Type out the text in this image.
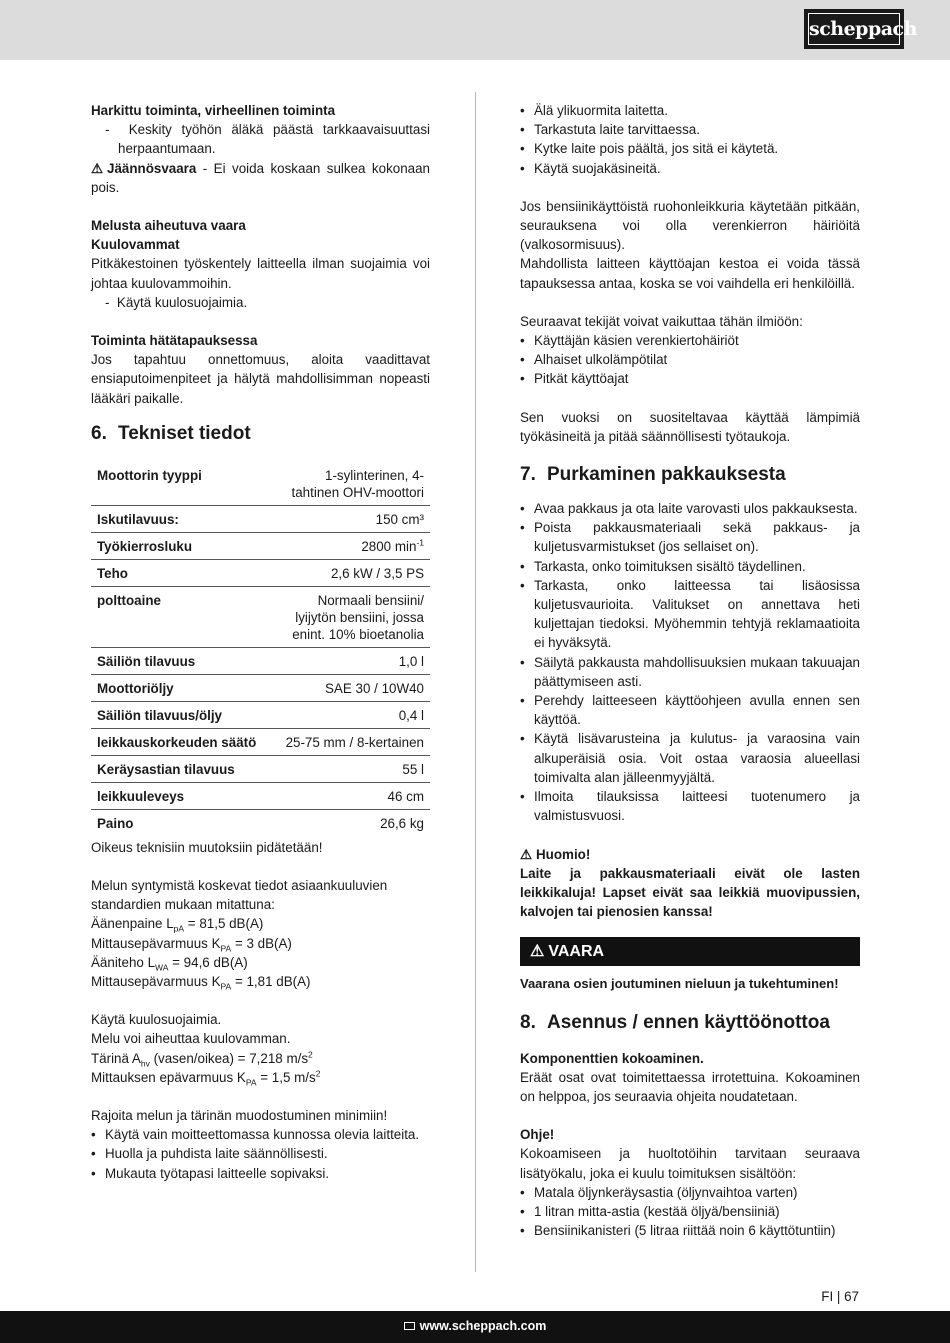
scheppach
Harkittu toiminta, virheellinen toiminta
-  Keskity työhön äläkä päästä tarkkaavaisuuttasi herpaantumaan.
⚠ Jäännösvaara - Ei voida koskaan sulkea kokonaan pois.
Melusta aiheutuva vaara
Kuulovammat
Pitkäkestoinen työskentely laitteella ilman suojaimia voi johtaa kuulovammoihin.
-  Käytä kuulosuojaimia.
Toiminta hätätapauksessa
Jos tapahtuu onnettomuus, aloita vaadittavat ensiaputoimenpiteet ja hälytä mahdollisimman nopeasti lääkäri paikalle.
6. Tekniset tiedot
Moottorin tyyppi	1-sylinterinen, 4-tahtinen OHV-moottori
Iskutilavuus:	150 cm³
Työkierrosluku	2800 $\min^{-1}$
Teho	2,6 kW / 3,5 PS
polttoaine	Normaali bensiini/ lyijytön bensiini, jossa enint. 10% bioetanolia
Säiliön tilavuus	1,0 l
Moottoriöljy	SAE 30 / 10W40
Säiliön tilavuus/öljy	0,4 l
leikkauskorkeuden säätö	25-75 mm / 8-kertainen
Keräysastian tilavuus	55 l
leikkuuleveys	46 cm
Paino	26,6 kg
Oikeus teknisiin muutoksiin pidätetään!
Melun syntymistä koskevat tiedot asiaankuuluvien standardien mukaan mitattuna:
Äänenpaine $L_{pA} = 81,5$ dB(A)
Mittausepävarmuus $K_{PA} = 3$ dB(A)
Ääniteho $L_{WA} = 94,6$ dB(A)
Mittausepävarmuus $K_{PA} = 1,81$ dB(A)
Käytä kuulosuojaimia.
Melu voi aiheuttaa kuulovamman.
Tärinä $A_{hv}$ (vasen/oikea) = 7,218 $m/s^2$
Mittauksen epävarmuus $K_{PA} = 1,5$ $m/s^2$
Rajoita melun ja tärinän muodostuminen minimiin!
• Käytä vain moitteettomassa kunnossa olevia laitteita.
• Huolla ja puhdista laite säännöllisesti.
• Mukauta työtapasi laitteelle sopivaksi.
• Älä ylikuormita laitetta.
• Tarkastuta laite tarvittaessa.
• Kytke laite pois päältä, jos sitä ei käytetä.
• Käytä suojakäsineitä.
Jos bensiinikäyttöistä ruohonleikkuria käytetään pitkään, seurauksena voi olla verenkierron häiriöitä (valkosormisuus).
Mahdollista laitteen käyttöajan kestoa ei voida tässä tapauksessa antaa, koska se voi vaihdella eri henkilöillä.
Seuraavat tekijät voivat vaikuttaa tähän ilmiöön:
• Käyttäjän käsien verenkiertohäiriöt
• Alhaiset ulkolämpötilat
• Pitkät käyttöajat
Sen vuoksi on suositeltavaa käyttää lämpimiä työkäsineitä ja pitää säännöllisesti työtaukoja.
7. Purkaminen pakkauksesta
• Avaa pakkaus ja ota laite varovasti ulos pakkauksesta.
• Poista pakkausmateriaali sekä pakkaus- ja kuljetusvarmistukset (jos sellaiset on).
• Tarkasta, onko toimituksen sisältö täydellinen.
• Tarkasta, onko laitteessa tai lisäosissa kuljetusvaurioita. Valitukset on annettava heti kuljettajan tiedoksi. Myöhemmin tehtyjä reklamaatioita ei hyväksytä.
• Säilytä pakkausta mahdollisuuksien mukaan takuuajan päättymiseen asti.
• Perehdy laitteeseen käyttöohjeen avulla ennen sen käyttöä.
• Käytä lisävarusteina ja kulutus- ja varaosina vain alkuperäisiä osia. Voit ostaa varaosia alueellasi toimivalta alan jälleenmyyjältä.
• Ilmoita tilauksissa laitteesi tuotenumero ja valmistusvuosi.
⚠ Huomio!
Laite ja pakkausmateriaali eivät ole lasten leikkikaluja! Lapset eivät saa leikkiä muovipussien, kalvojen tai pienosien kanssa!
⚠ VAARA
Vaarana osien joutuminen nieluun ja tukehtuminen!
8. Asennus / ennen käyttöönottoa
Komponenttien kokoaminen.
Eräät osat ovat toimitettaessa irrotettuina. Kokoaminen on helppoa, jos seuraavia ohjeita noudatetaan.
Ohje!
Kokoamiseen ja huoltotöihin tarvitaan seuraava lisätyökalu, joka ei kuulu toimituksen sisältöön:
• Matala öljynkeräysastia (öljynvaihtoa varten)
• 1 litran mitta-astia (kestää öljyä/bensiiniä)
• Bensiinikanisteri (5 litraa riittää noin 6 käyttötuntiin)
FI | 67
www.scheppach.com
